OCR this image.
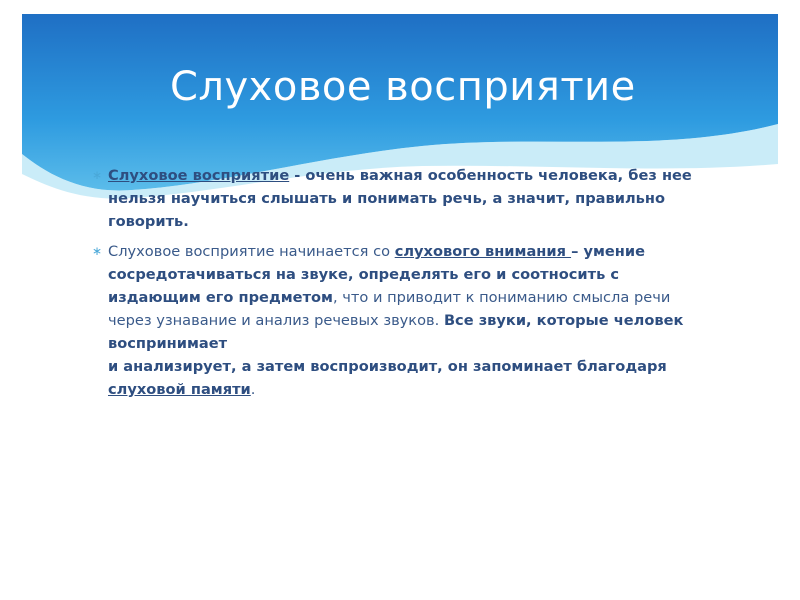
Слуховое восприятие

∗ Слуховое восприятие - очень важная особенность человека, без нее нельзя научиться слышать и понимать речь, а значит, правильно говорить.

∗ Слуховое восприятие начинается со слухового внимания – умение сосредотачиваться на звуке, определять его и соотносить с издающим его предметом, что и приводит к пониманию смысла речи через узнавание и анализ речевых звуков. Все звуки, которые человек воспринимает
и анализирует, а затем воспроизводит, он запоминает благодаря слуховой памяти.
